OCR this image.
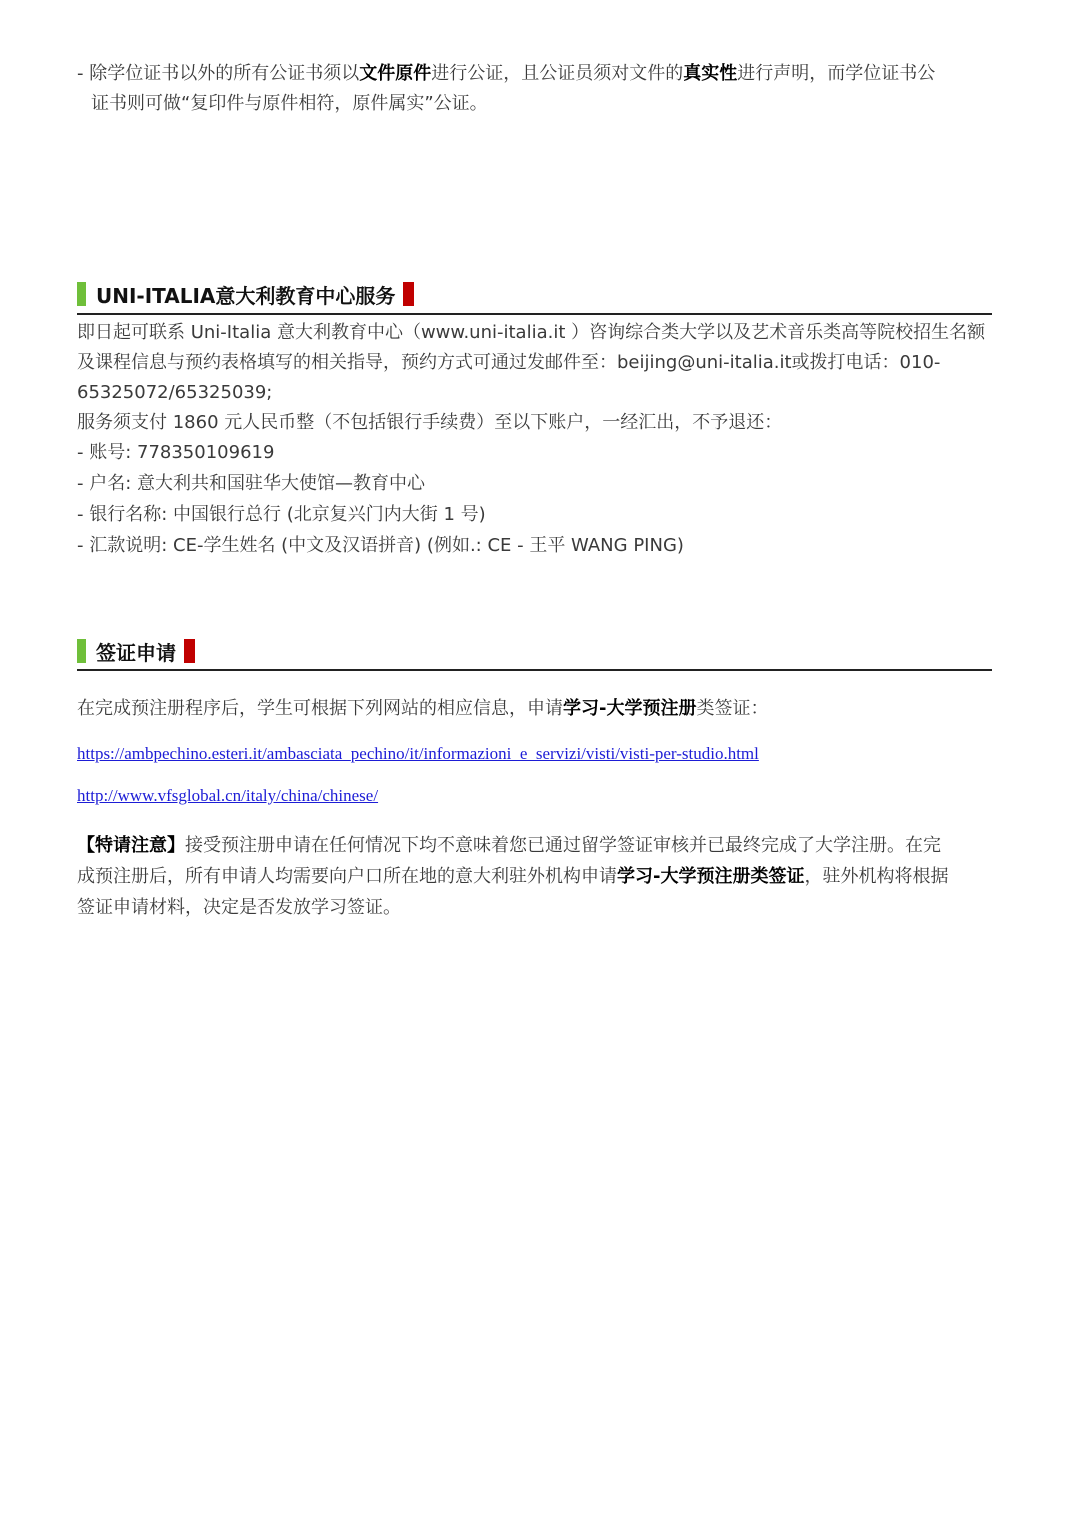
- 除学位证书以外的所有公证书须以文件原件进行公证，且公证员须对文件的真实性进行声明，而学位证书公
证书则可做“复印件与原件相符，原件属实”公证。
UNI-ITALIA意大利教育中心服务
即日起可联系 Uni-Italia 意大利教育中心（www.uni-italia.it ）咨询综合类大学以及艺术音乐类高等院校招生名额
及课程信息与预约表格填写的相关指导，预约方式可通过发邮件至：beijing@uni-italia.it或拨打电话：010-
65325072/65325039;
服务须支付 1860 元人民币整（不包括银行手续费）至以下账户，一经汇出，不予退还：
- 账号: 778350109619
- 户名: 意大利共和国驻华大使馆—教育中心
- 银行名称: 中国银行总行 (北京复兴门内大街 1 号)
- 汇款说明: CE-学生姓名 (中文及汉语拼音) (例如.: CE - 王平 WANG PING)
签证申请
在完成预注册程序后，学生可根据下列网站的相应信息，申请学习-大学预注册类签证：
https://ambpechino.esteri.it/ambasciata_pechino/it/informazioni_e_servizi/visti/visti-per-studio.html
http://www.vfsglobal.cn/italy/china/chinese/
【特请注意】接受预注册申请在任何情况下均不意味着您已通过留学签证审核并已最终完成了大学注册。在完
成预注册后，所有申请人均需要向户口所在地的意大利驻外机构申请学习-大学预注册类签证，驻外机构将根据
签证申请材料，决定是否发放学习签证。
